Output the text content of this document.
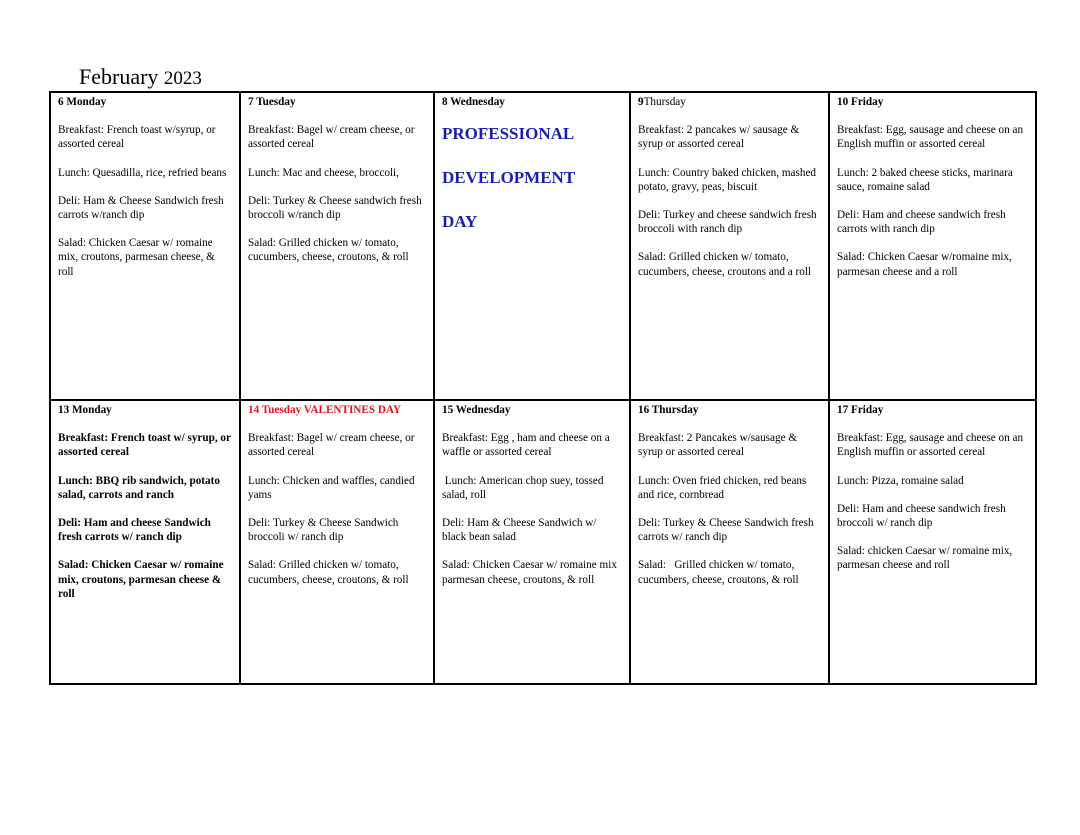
February 2023
6 Monday
Breakfast: French toast w/syrup, or assorted cereal
Lunch: Quesadilla, rice, refried beans
Deli: Ham & Cheese Sandwich fresh carrots w/ranch dip
Salad: Chicken Caesar w/ romaine mix, croutons, parmesan cheese, & roll
7 Tuesday
Breakfast: Bagel w/ cream cheese, or assorted cereal
Lunch: Mac and cheese, broccoli,
Deli: Turkey & Cheese sandwich fresh broccoli w/ranch dip
Salad: Grilled chicken w/ tomato, cucumbers, cheese, croutons, & roll
8 Wednesday
PROFESSIONAL
DEVELOPMENT
DAY
9Thursday
Breakfast: 2 pancakes w/ sausage & syrup or assorted cereal
Lunch: Country baked chicken, mashed potato, gravy, peas, biscuit
Deli: Turkey and cheese sandwich fresh broccoli with ranch dip
Salad: Grilled chicken w/ tomato, cucumbers, cheese, croutons and a roll
10 Friday
Breakfast: Egg, sausage and cheese on an English muffin or assorted cereal
Lunch: 2 baked cheese sticks, marinara sauce, romaine salad
Deli: Ham and cheese sandwich fresh carrots with ranch dip
Salad: Chicken Caesar w/romaine mix, parmesan cheese and a roll
13 Monday
Breakfast: French toast w/ syrup, or assorted cereal
Lunch: BBQ rib sandwich, potato salad, carrots and ranch
Deli: Ham and cheese Sandwich fresh carrots w/ ranch dip
Salad: Chicken Caesar w/ romaine mix, croutons, parmesan cheese & roll
14 Tuesday VALENTINES DAY
Breakfast: Bagel w/ cream cheese, or assorted cereal
Lunch: Chicken and waffles, candied yams
Deli: Turkey & Cheese Sandwich broccoli w/ ranch dip
Salad: Grilled chicken w/ tomato, cucumbers, cheese, croutons, & roll
15 Wednesday
Breakfast: Egg , ham and cheese on a waffle or assorted cereal
Lunch: American chop suey, tossed salad, roll
Deli: Ham & Cheese Sandwich w/ black bean salad
Salad: Chicken Caesar w/ romaine mix parmesan cheese, croutons, & roll
16 Thursday
Breakfast: 2 Pancakes w/sausage & syrup or assorted cereal
Lunch: Oven fried chicken, red beans and rice, cornbread
Deli: Turkey & Cheese Sandwich fresh carrots w/ ranch dip
Salad:   Grilled chicken w/ tomato, cucumbers, cheese, croutons, & roll
17 Friday
Breakfast: Egg, sausage and cheese on an English muffin or assorted cereal
Lunch: Pizza, romaine salad
Deli: Ham and cheese sandwich fresh broccoli w/ ranch dip
Salad: chicken Caesar w/ romaine mix, parmesan cheese and roll
